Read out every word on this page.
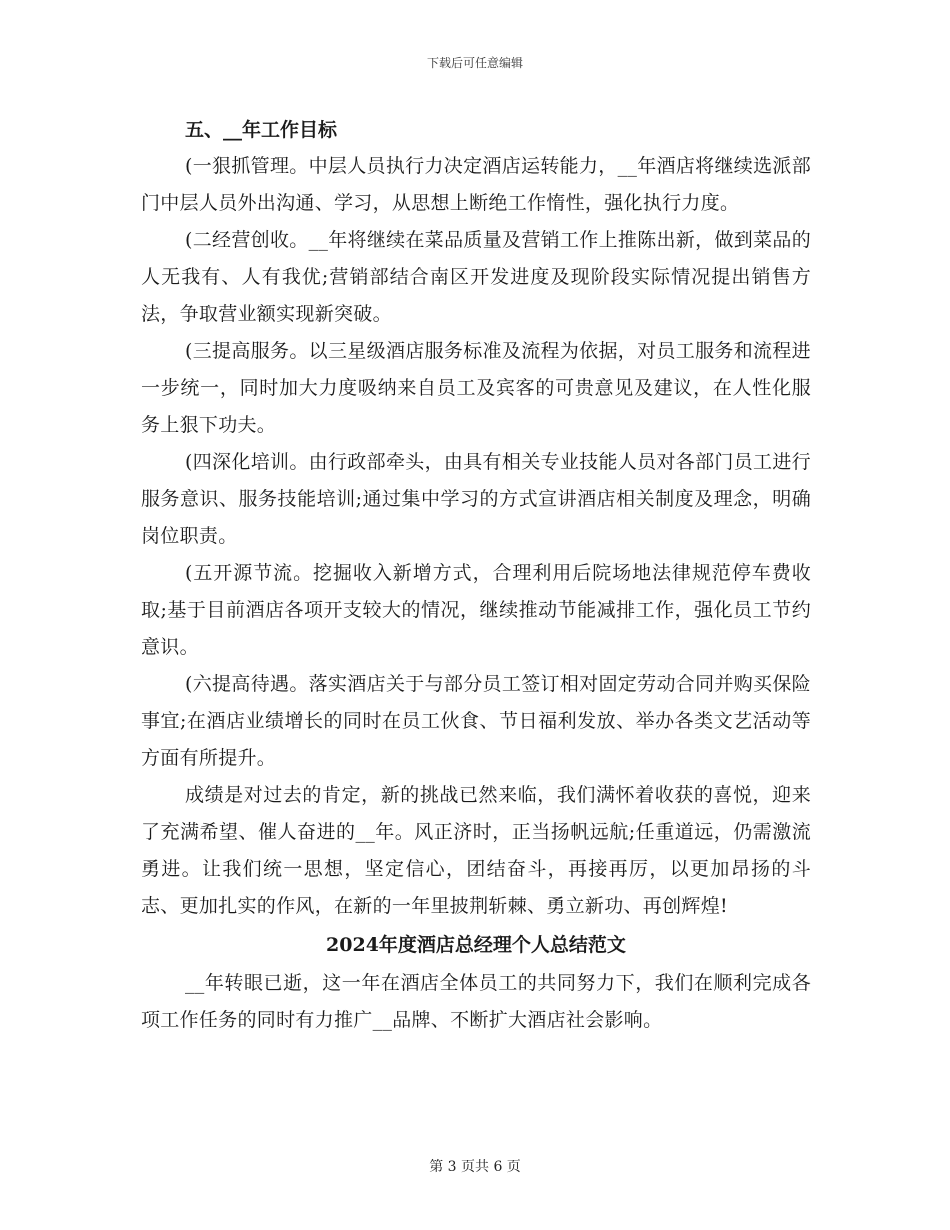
下载后可任意编辑
五、__年工作目标

(一狠抓管理。中层人员执行力决定酒店运转能力，__年酒店将继续选派部门中层人员外出沟通、学习，从思想上断绝工作惰性，强化执行力度。

(二经营创收。__年将继续在菜品质量及营销工作上推陈出新，做到菜品的人无我有、人有我优;营销部结合南区开发进度及现阶段实际情况提出销售方法，争取营业额实现新突破。

(三提高服务。以三星级酒店服务标准及流程为依据，对员工服务和流程进一步统一，同时加大力度吸纳来自员工及宾客的可贵意见及建议，在人性化服务上狠下功夫。

(四深化培训。由行政部牵头，由具有相关专业技能人员对各部门员工进行服务意识、服务技能培训;通过集中学习的方式宣讲酒店相关制度及理念，明确岗位职责。

(五开源节流。挖掘收入新增方式，合理利用后院场地法律规范停车费收取;基于目前酒店各项开支较大的情况，继续推动节能减排工作，强化员工节约意识。

(六提高待遇。落实酒店关于与部分员工签订相对固定劳动合同并购买保险事宜;在酒店业绩增长的同时在员工伙食、节日福利发放、举办各类文艺活动等方面有所提升。

成绩是对过去的肯定，新的挑战已然来临，我们满怀着收获的喜悦，迎来了充满希望、催人奋进的__年。风正济时，正当扬帆远航;任重道远，仍需激流勇进。让我们统一思想，坚定信心，团结奋斗，再接再厉，以更加昂扬的斗志、更加扎实的作风，在新的一年里披荆斩棘、勇立新功、再创辉煌!

2024年度酒店总经理个人总结范文

__年转眼已逝，这一年在酒店全体员工的共同努力下，我们在顺利完成各项工作任务的同时有力推广__品牌、不断扩大酒店社会影响。

第 3 页共 6 页
